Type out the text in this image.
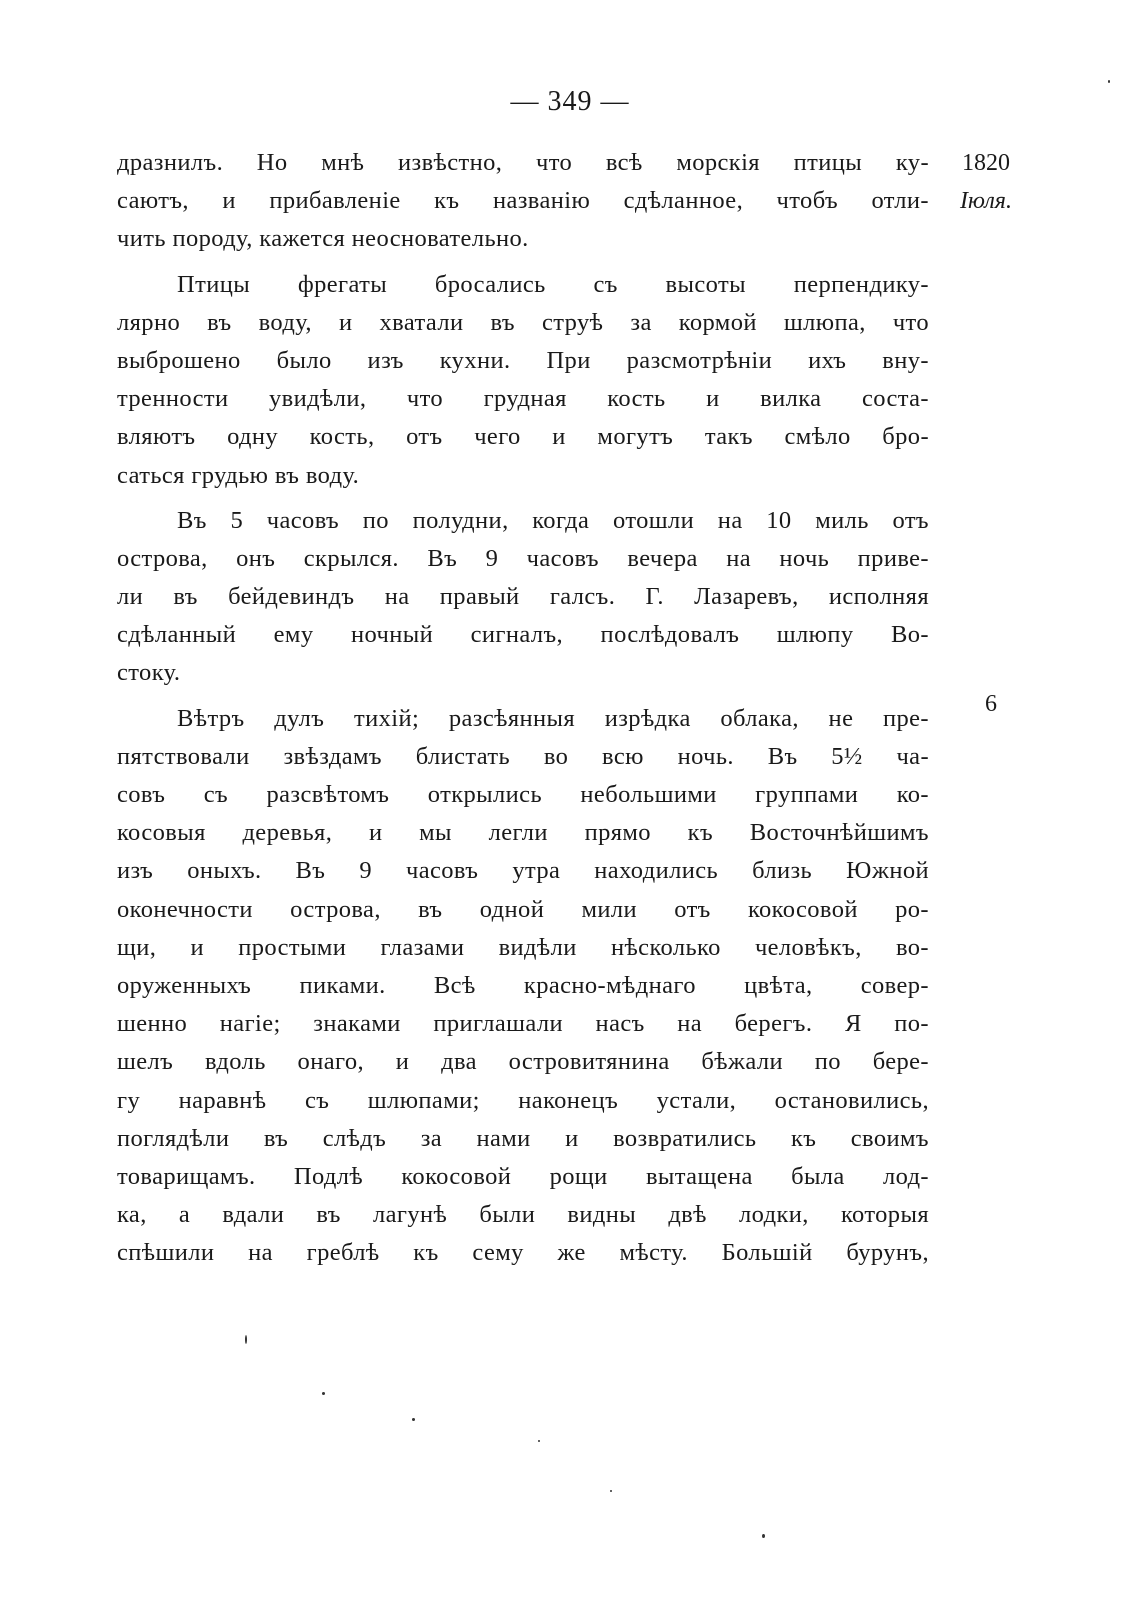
— 349 —
1820
Іюля.
6
дразнилъ. Но мнѣ извѣстно, что всѣ морскія птицы ку-
саютъ, и прибавленіе къ названію сдѣланное, чтобъ отли-
чить породу, кажется неосновательно.
Птицы фрегаты бросались съ высоты перпендику-
лярно въ воду, и хватали въ струѣ за кормой шлюпа, что
выброшено было изъ кухни. При разсмотрѣніи ихъ вну-
тренности увидѣли, что грудная кость и вилка соста-
вляютъ одну кость, отъ чего и могутъ такъ смѣло бро-
саться грудью въ воду.
Въ 5 часовъ по полудни, когда отошли на 10 миль отъ
острова, онъ скрылся. Въ 9 часовъ вечера на ночь приве-
ли въ бейдевиндъ на правый галсъ. Г. Лазаревъ, исполняя
сдѣланный ему ночный сигналъ, послѣдовалъ шлюпу Во-
стоку.
Вѣтръ дулъ тихій; разсѣянныя изрѣдка облака, не пре-
пятствовали звѣздамъ блистать во всю ночь. Въ 5½ ча-
совъ съ разсвѣтомъ открылись небольшими группами ко-
косовыя деревья, и мы легли прямо къ Восточнѣйшимъ
изъ оныхъ. Въ 9 часовъ утра находились близь Южной
оконечности острова, въ одной мили отъ кокосовой ро-
щи, и простыми глазами видѣли нѣсколько человѣкъ, во-
оруженныхъ пиками. Всѣ красно-мѣднаго цвѣта, совер-
шенно нагіе; знаками приглашали насъ на берегъ. Я по-
шелъ вдоль онаго, и два островитянина бѣжали по бере-
гу наравнѣ съ шлюпами; наконецъ устали, остановились,
поглядѣли въ слѣдъ за нами и возвратились къ своимъ
товарищамъ. Подлѣ кокосовой рощи вытащена была лод-
ка, а вдали въ лагунѣ были видны двѣ лодки, которыя
спѣшили на греблѣ къ сему же мѣсту. Большій бурунъ,
